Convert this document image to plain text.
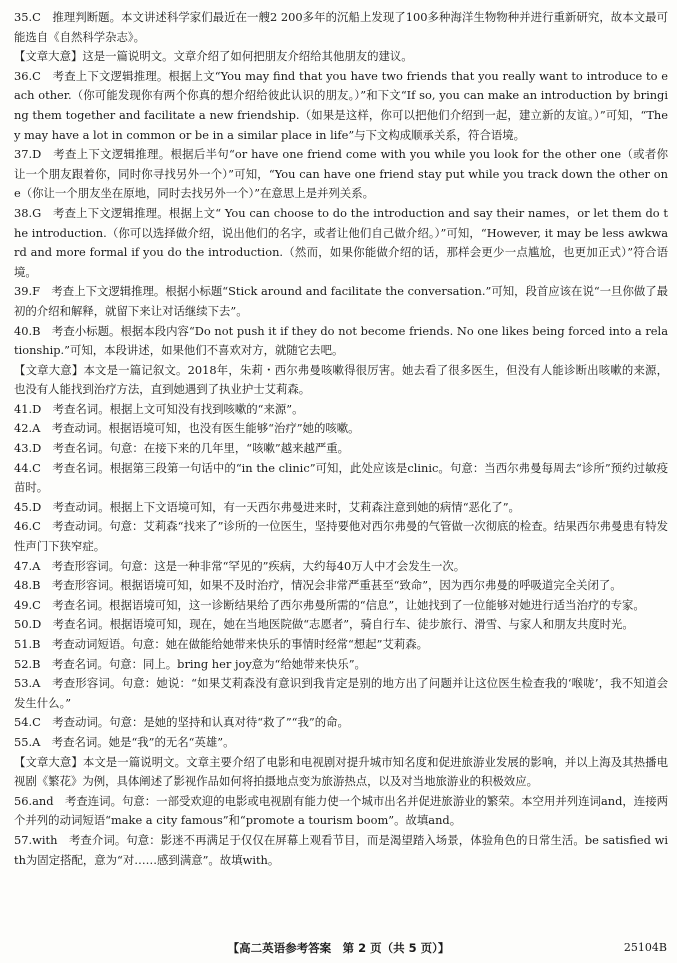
35.C　推理判断题。本文讲述科学家们最近在一艘2 200多年的沉船上发现了100多种海洋生物物种并进行重新研究，故本文最可能选自《自然科学杂志》。

【文章大意】这是一篇说明文。文章介绍了如何把朋友介绍给其他朋友的建议。

36.C　考查上下文逻辑推理。根据上文“You may find that you have two friends that you really want to introduce to each other.（你可能发现你有两个你真的想介绍给彼此认识的朋友。）”和下文“If so, you can make an introduction by bringing them together and facilitate a new friendship.（如果是这样，你可以把他们介绍到一起，建立新的友谊。）”可知，“They may have a lot in common or be in a similar place in life”与下文构成顺承关系，符合语境。

37.D　考查上下文逻辑推理。根据后半句“or have one friend come with you while you look for the other one（或者你让一个朋友跟着你，同时你寻找另外一个）”可知，“You can have one friend stay put while you track down the other one（你让一个朋友坐在原地，同时去找另外一个）”在意思上是并列关系。

38.G　考查上下文逻辑推理。根据上文“ You can choose to do the introduction and say their names，or let them do the introduction.（你可以选择做介绍，说出他们的名字，或者让他们自己做介绍。）”可知，“However, it may be less awkward and more formal if you do the introduction.（然而，如果你能做介绍的话，那样会更少一点尴尬，也更加正式）”符合语境。

39.F　考查上下文逻辑推理。根据小标题“Stick around and facilitate the conversation.”可知，段首应该在说“一旦你做了最初的介绍和解释，就留下来让对话继续下去”。

40.B　考查小标题。根据本段内容“Do not push it if they do not become friends. No one likes being forced into a relationship.”可知，本段讲述，如果他们不喜欢对方，就随它去吧。

【文章大意】本文是一篇记叙文。2018年，朱莉・西尔弗曼咳嗽得很厉害。她去看了很多医生，但没有人能诊断出咳嗽的来源，也没有人能找到治疗方法，直到她遇到了执业护士艾莉森。

41.D　考查名词。根据上文可知没有找到咳嗽的“来源”。

42.A　考查动词。根据语境可知，也没有医生能够“治疗”她的咳嗽。

43.D　考查名词。句意：在接下来的几年里，“咳嗽”越来越严重。

44.C　考查名词。根据第三段第一句话中的“in the clinic”可知，此处应该是clinic。句意：当西尔弗曼每周去“诊所”预约过敏疫苗时。

45.D　考查动词。根据上下文语境可知，有一天西尔弗曼进来时，艾莉森注意到她的病情“恶化了”。

46.C　考查动词。句意：艾莉森“找来了”诊所的一位医生，坚持要他对西尔弗曼的气管做一次彻底的检查。结果西尔弗曼患有特发性声门下狭窄症。

47.A　考查形容词。句意：这是一种非常“罕见的”疾病，大约每40万人中才会发生一次。

48.B　考查形容词。根据语境可知，如果不及时治疗，情况会非常严重甚至“致命”，因为西尔弗曼的呼吸道完全关闭了。

49.C　考查名词。根据语境可知，这一诊断结果给了西尔弗曼所需的“信息”，让她找到了一位能够对她进行适当治疗的专家。

50.D　考查名词。根据语境可知，现在，她在当地医院做“志愿者”，骑自行车、徒步旅行、滑雪、与家人和朋友共度时光。

51.B　考查动词短语。句意：她在做能给她带来快乐的事情时经常“想起”艾莉森。

52.B　考查名词。句意：同上。bring her joy意为“给她带来快乐”。

53.A　考查形容词。句意：她说：“如果艾莉森没有意识到我肯定是别的地方出了问题并让这位医生检查我的‘喉咙’，我不知道会发生什么。”

54.C　考查动词。句意：是她的坚持和认真对待“救了”“我”的命。

55.A　考查名词。她是“我”的无名“英雄”。

【文章大意】本文是一篇说明文。文章主要介绍了电影和电视剧对提升城市知名度和促进旅游业发展的影响，并以上海及其热播电视剧《繁花》为例，具体阐述了影视作品如何将拍摄地点变为旅游热点，以及对当地旅游业的积极效应。

56.and　考查连词。句意：一部受欢迎的电影或电视剧有能力使一个城市出名并促进旅游业的繁荣。本空用并列连词and，连接两个并列的动词短语“make a city famous”和“promote a tourism boom”。故填and。

57.with　考查介词。句意：影迷不再满足于仅仅在屏幕上观看节目，而是渴望踏入场景，体验角色的日常生活。be satisfied with为固定搭配，意为“对……感到满意”。故填with。

【高二英语参考答案　第 2 页（共 5 页）】	25104B
